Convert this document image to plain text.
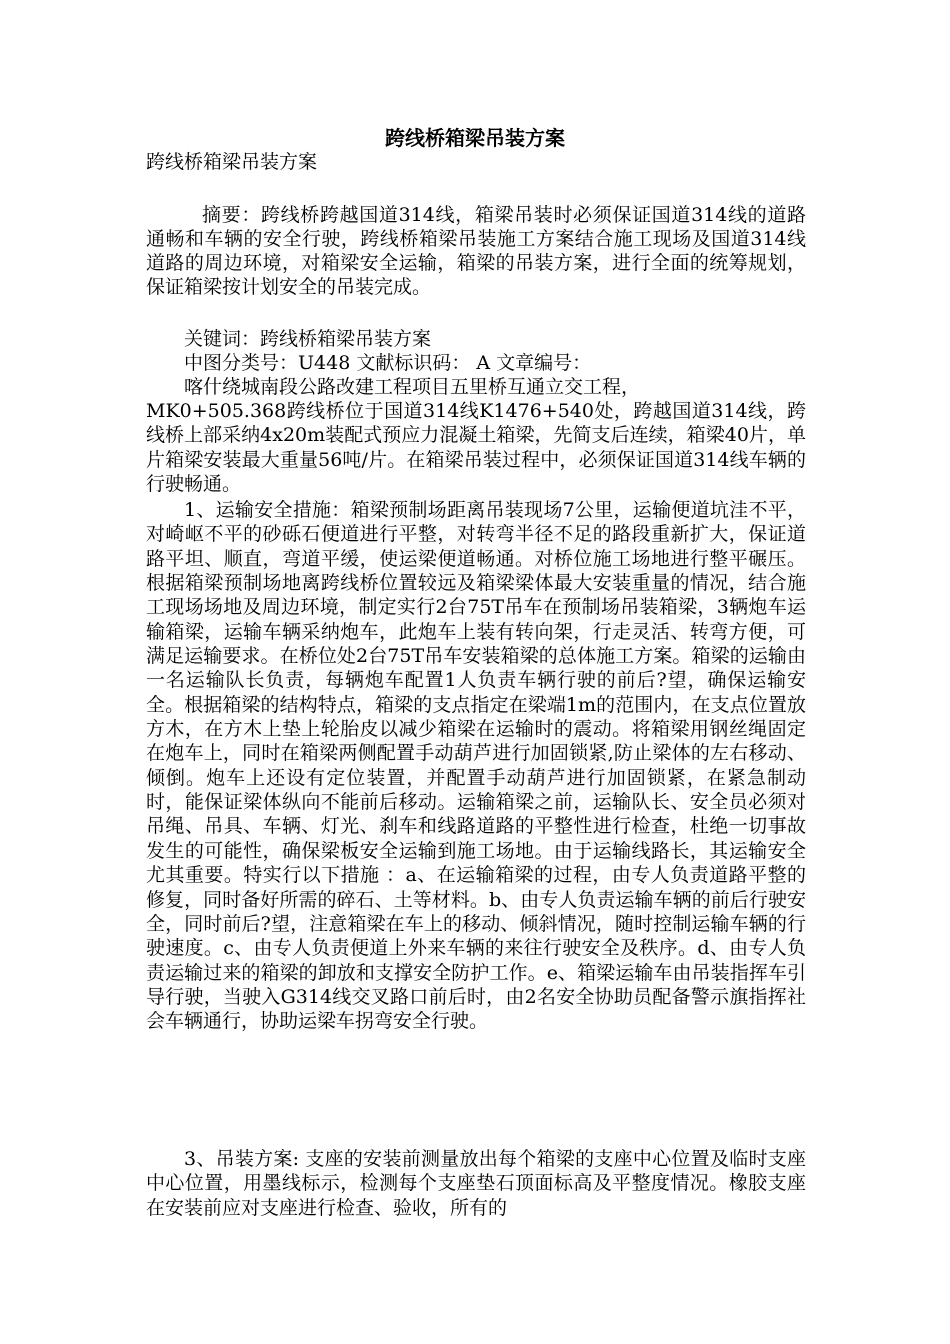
跨线桥箱梁吊装方案
跨线桥箱梁吊装方案
摘要：跨线桥跨越国道314线，箱梁吊装时必须保证国道314线的道路通畅和车辆的安全行驶，跨线桥箱梁吊装施工方案结合施工现场及国道314线道路的周边环境，对箱梁安全运输，箱梁的吊装方案，进行全面的统筹规划，保证箱梁按计划安全的吊装完成。
关键词：跨线桥箱梁吊装方案
中图分类号：U448 文献标识码： A 文章编号：
喀什绕城南段公路改建工程项目五里桥互通立交工程，
MK0+505.368跨线桥位于国道314线K1476+540处，跨越国道314线，跨线桥上部采纳4x20m装配式预应力混凝土箱梁，先简支后连续，箱梁40片，单片箱梁安装最大重量56吨/片。在箱梁吊装过程中，必须保证国道314线车辆的行驶畅通。
1、运输安全措施：箱梁预制场距离吊装现场7公里，运输便道坑洼不平，对崎岖不平的砂砾石便道进行平整，对转弯半径不足的路段重新扩大，保证道路平坦、顺直，弯道平缓，使运梁便道畅通。对桥位施工场地进行整平碾压。根据箱梁预制场地离跨线桥位置较远及箱梁梁体最大安装重量的情况，结合施工现场场地及周边环境，制定实行2台75T吊车在预制场吊装箱梁，3辆炮车运输箱梁，运输车辆采纳炮车，此炮车上装有转向架，行走灵活、转弯方便，可满足运输要求。在桥位处2台75T吊车安装箱梁的总体施工方案。箱梁的运输由一名运输队长负责，每辆炮车配置1人负责车辆行驶的前后?望，确保运输安全。根据箱梁的结构特点，箱梁的支点指定在梁端1m的范围内，在支点位置放方木，在方木上垫上轮胎皮以减少箱梁在运输时的震动。将箱梁用钢丝绳固定在炮车上，同时在箱梁两侧配置手动葫芦进行加固锁紧,防止梁体的左右移动、倾倒。炮车上还设有定位装置，并配置手动葫芦进行加固锁紧，在紧急制动时，能保证梁体纵向不能前后移动。运输箱梁之前，运输队长、安全员必须对吊绳、吊具、车辆、灯光、刹车和线路道路的平整性进行检查，杜绝一切事故发生的可能性，确保梁板安全运输到施工场地。由于运输线路长，其运输安全尤其重要。特实行以下措施 ：a、在运输箱梁的过程，由专人负责道路平整的修复，同时备好所需的碎石、土等材料。b、由专人负责运输车辆的前后行驶安全，同时前后?望，注意箱梁在车上的移动、倾斜情况，随时控制运输车辆的行驶速度。c、由专人负责便道上外来车辆的来往行驶安全及秩序。d、由专人负责运输过来的箱梁的卸放和支撑安全防护工作。e、箱梁运输车由吊装指挥车引导行驶，当驶入G314线交叉路口前后时，由2名安全协助员配备警示旗指挥社会车辆通行，协助运梁车拐弯安全行驶。
3、吊装方案: 支座的安装前测量放出每个箱梁的支座中心位置及临时支座中心位置，用墨线标示，检测每个支座垫石顶面标高及平整度情况。橡胶支座在安装前应对支座进行检查、验收，所有的
